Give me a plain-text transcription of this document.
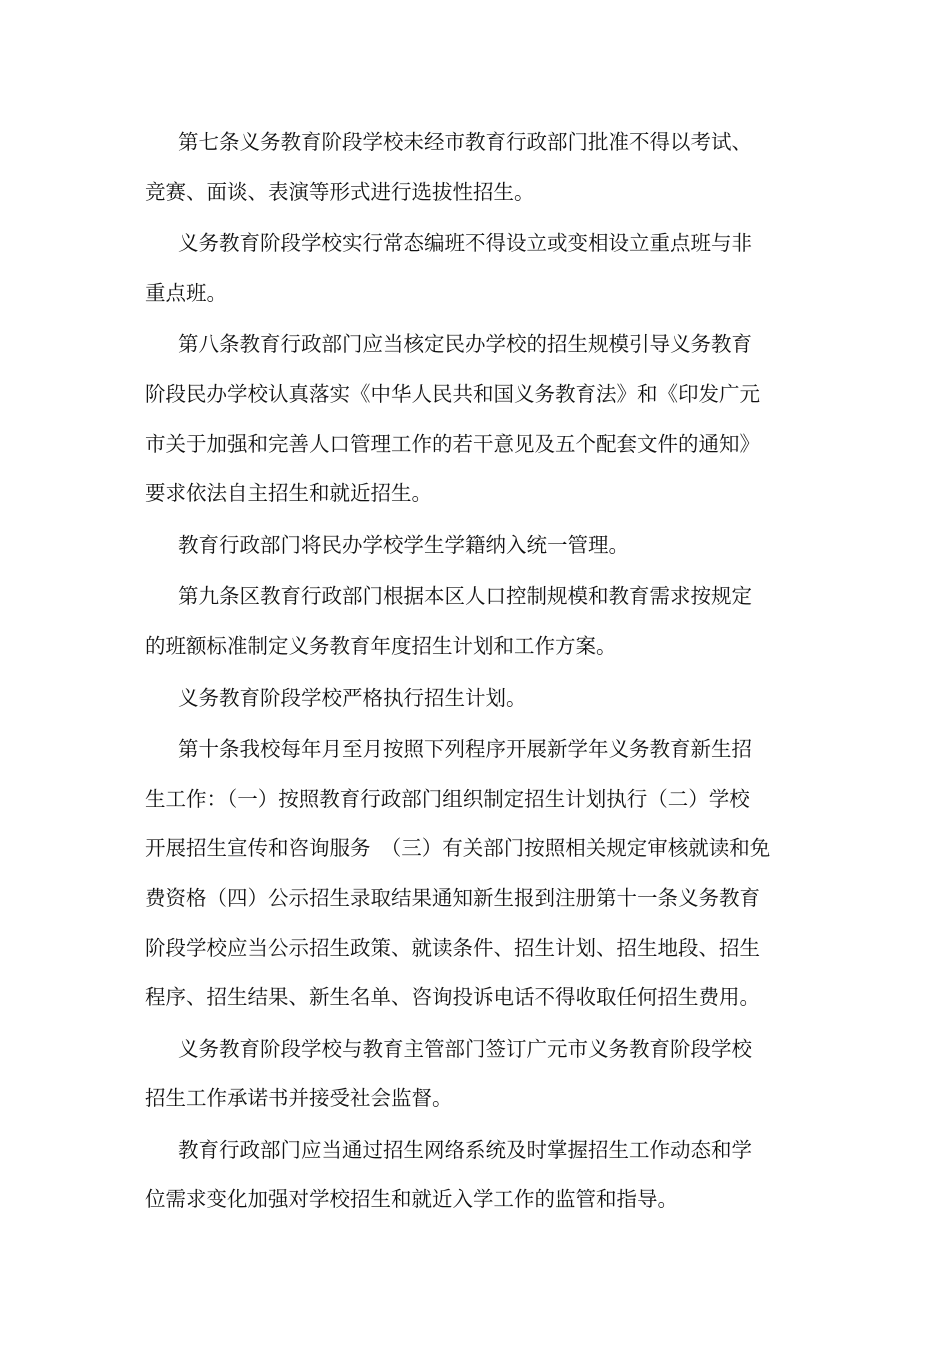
第七条义务教育阶段学校未经市教育行政部门批准不得以考试、
竞赛、面谈、表演等形式进行选拔性招生。

义务教育阶段学校实行常态编班不得设立或变相设立重点班与非
重点班。

第八条教育行政部门应当核定民办学校的招生规模引导义务教育
阶段民办学校认真落实《中华人民共和国义务教育法》和《印发广元
市关于加强和完善人口管理工作的若干意见及五个配套文件的通知》
要求依法自主招生和就近招生。

教育行政部门将民办学校学生学籍纳入统一管理。

第九条区教育行政部门根据本区人口控制规模和教育需求按规定
的班额标准制定义务教育年度招生计划和工作方案。

义务教育阶段学校严格执行招生计划。

第十条我校每年月至月按照下列程序开展新学年义务教育新生招
生工作：（一）按照教育行政部门组织制定招生计划执行（二）学校
开展招生宣传和咨询服务　（三）有关部门按照相关规定审核就读和免
费资格（四）公示招生录取结果通知新生报到注册第十一条义务教育
阶段学校应当公示招生政策、就读条件、招生计划、招生地段、招生
程序、招生结果、新生名单、咨询投诉电话不得收取任何招生费用。

义务教育阶段学校与教育主管部门签订广元市义务教育阶段学校
招生工作承诺书并接受社会监督。

教育行政部门应当通过招生网络系统及时掌握招生工作动态和学
位需求变化加强对学校招生和就近入学工作的监管和指导。
